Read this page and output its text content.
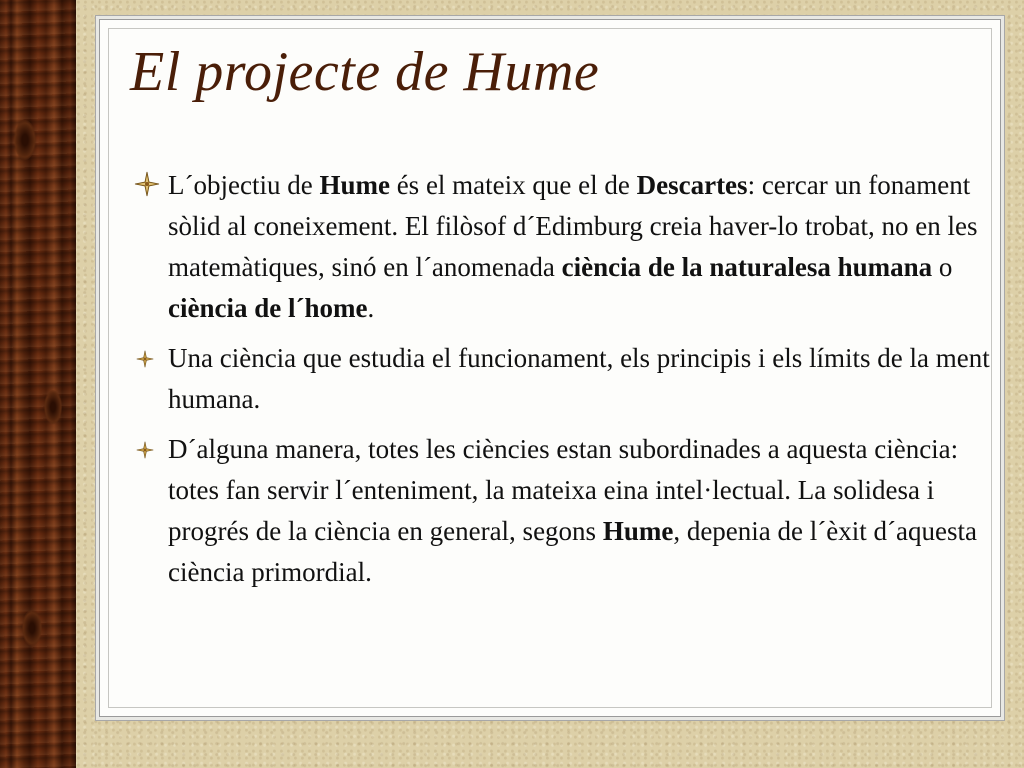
El projecte de Hume

L´objectiu de Hume és el mateix que el de Descartes: cercar un fonament sòlid al coneixement. El filòsof d´Edimburg creia haver-lo trobat, no en les matemàtiques, sinó en l´anomenada ciència de la naturalesa humana o ciència de l´home.

Una ciència que estudia el funcionament, els principis i els límits de la ment humana.

D´alguna manera, totes les ciències estan subordinades a aquesta ciència: totes fan servir l´enteniment, la mateixa eina intel·lectual. La solidesa i progrés de la ciència en general, segons Hume, depenia de l´èxit d´aquesta ciència primordial.
